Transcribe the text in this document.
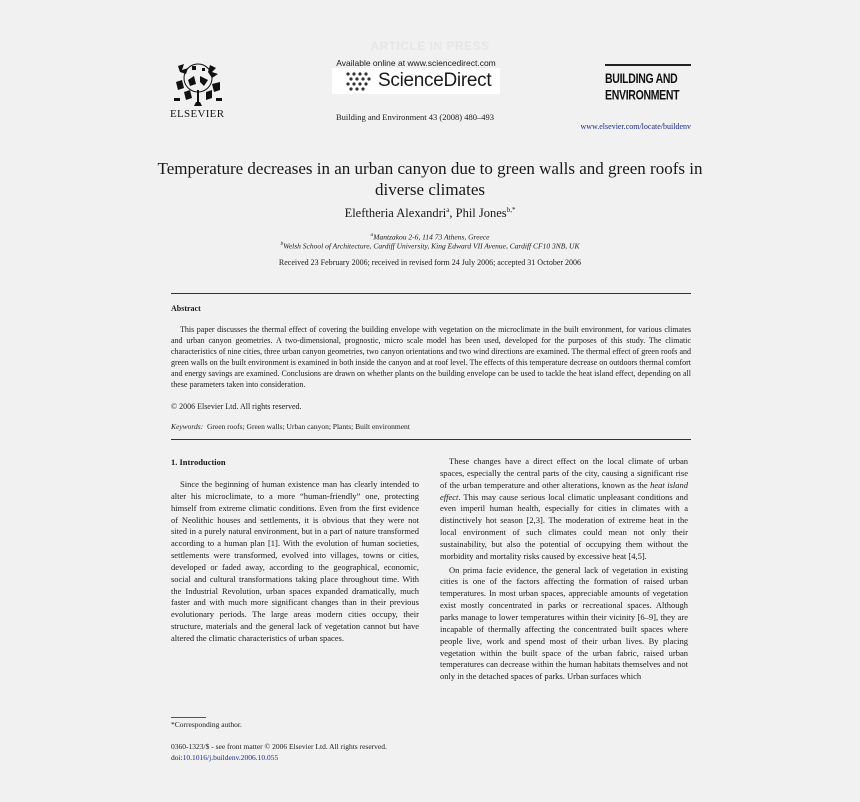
ARTICLE IN PRESS
ELSEVIER
Available online at www.sciencedirect.com
ScienceDirect
Building and Environment 43 (2008) 480–493
BUILDING AND
ENVIRONMENT
www.elsevier.com/locate/buildenv
Temperature decreases in an urban canyon due to green walls and green roofs in diverse climates
Eleftheria Alexandri$^a$, Phil Jones$^{b,*}$
$^a$Mantzakou 2-6, 114 73 Athens, Greece
$^b$Welsh School of Architecture, Cardiff University, King Edward VII Avenue, Cardiff CF10 3NB, UK
Received 23 February 2006; received in revised form 24 July 2006; accepted 31 October 2006
Abstract
This paper discusses the thermal effect of covering the building envelope with vegetation on the microclimate in the built environment, for various climates and urban canyon geometries. A two-dimensional, prognostic, micro scale model has been used, developed for the purposes of this study. The climatic characteristics of nine cities, three urban canyon geometries, two canyon orientations and two wind directions are examined. The thermal effect of green roofs and green walls on the built environment is examined in both inside the canyon and at roof level. The effects of this temperature decrease on outdoors thermal comfort and energy savings are examined. Conclusions are drawn on whether plants on the building envelope can be used to tackle the heat island effect, depending on all these parameters taken into consideration.
© 2006 Elsevier Ltd. All rights reserved.
Keywords: Green roofs; Green walls; Urban canyon; Plants; Built environment
1. Introduction

Since the beginning of human existence man has clearly intended to alter his microclimate, to a more “human-friendly” one, protecting himself from extreme climatic conditions. Even from the first evidence of Neolithic houses and settlements, it is obvious that they were not sited in a purely natural environment, but in a part of nature transformed according to a human plan [1]. With the evolution of human societies, settlements were transformed, evolved into villages, towns or cities, developed or faded away, according to the geographical, economic, social and cultural transformations taking place throughout time. With the Industrial Revolution, urban spaces expanded dramatically, much faster and with much more significant changes than in their previous evolutionary periods. The large areas modern cities occupy, their structure, materials and the general lack of vegetation cannot but have altered the climatic characteristics of urban spaces.

These changes have a direct effect on the local climate of urban spaces, especially the central parts of the city, causing a significant rise of the urban temperature and other alterations, known as the heat island effect. This may cause serious local climatic unpleasant conditions and even imperil human health, especially for cities in climates with a distinctively hot season [2,3]. The moderation of extreme heat in the local environment of such climates could mean not only their sustainability, but also the potential of occupying them without the morbidity and mortality risks caused by excessive heat [4,5].

On prima facie evidence, the general lack of vegetation in existing cities is one of the factors affecting the formation of raised urban temperatures. In most urban spaces, appreciable amounts of vegetation exist mostly concentrated in parks or recreational spaces. Although parks manage to lower temperatures within their vicinity [6–9], they are incapable of thermally affecting the concentrated built spaces where people live, work and spend most of their urban lives. By placing vegetation within the built space of the urban fabric, raised urban temperatures can decrease within the human habitats themselves and not only in the detached spaces of parks. Urban surfaces which

*Corresponding author.
0360-1323/$ - see front matter © 2006 Elsevier Ltd. All rights reserved.
doi:10.1016/j.buildenv.2006.10.055
